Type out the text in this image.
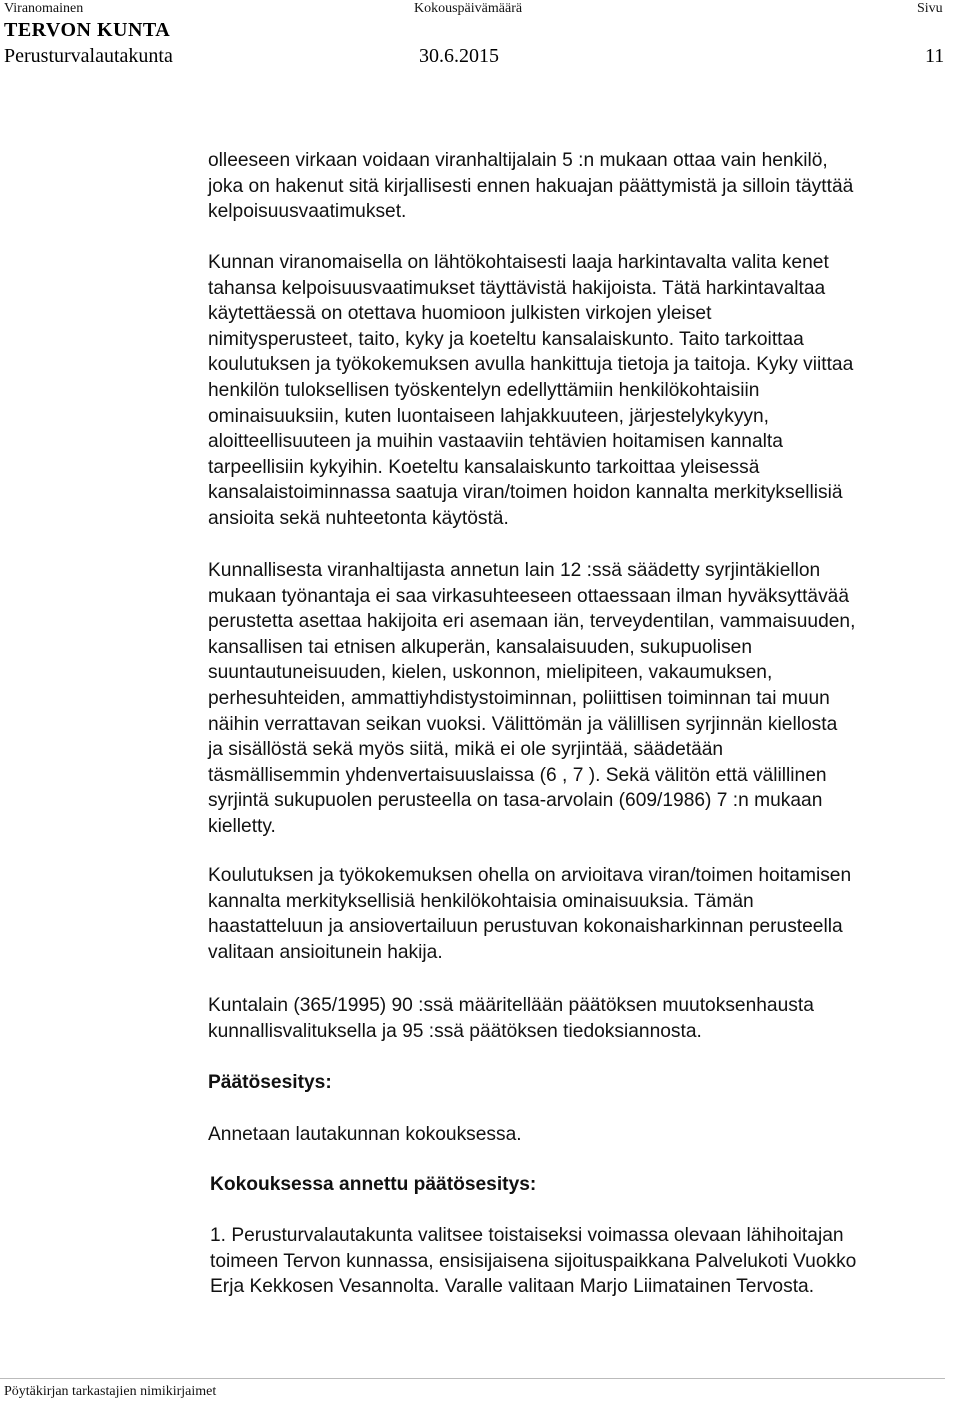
Viranomainen	Kokouspäivämäärä	Sivu
TERVON KUNTA
Perusturvalautakunta	30.6.2015	11
olleeseen virkaan voidaan viranhaltijalain 5 :n mukaan ottaa vain henkilö,
joka on hakenut sitä kirjallisesti ennen hakuajan päättymistä ja silloin täyttää
kelpoisuusvaatimukset.
Kunnan viranomaisella on lähtökohtaisesti laaja harkintavalta valita kenet
tahansa kelpoisuusvaatimukset täyttävistä hakijoista. Tätä harkintavaltaa
käytettäessä on otettava huomioon julkisten virkojen yleiset
nimitysperusteet, taito, kyky ja koeteltu kansalaiskunto. Taito tarkoittaa
koulutuksen ja työkokemuksen avulla hankittuja tietoja ja taitoja. Kyky viittaa
henkilön tuloksellisen työskentelyn edellyttämiin henkilökohtaisiin
ominaisuuksiin, kuten luontaiseen lahjakkuuteen, järjestelykykyyn,
aloitteellisuuteen ja muihin vastaaviin tehtävien hoitamisen kannalta
tarpeellisiin kykyihin. Koeteltu kansalaiskunto tarkoittaa yleisessä
kansalaistoiminnassa saatuja viran/toimen hoidon kannalta merkityksellisiä
ansioita sekä nuhteetonta käytöstä.
Kunnallisesta viranhaltijasta annetun lain 12 :ssä säädetty syrjintäkiellon
mukaan työnantaja ei saa virkasuhteeseen ottaessaan ilman hyväksyttävää
perustetta asettaa hakijoita eri asemaan iän, terveydentilan, vammaisuuden,
kansallisen tai etnisen alkuperän, kansalaisuuden, sukupuolisen
suuntautuneisuuden, kielen, uskonnon, mielipiteen, vakaumuksen,
perhesuhteiden, ammattiyhdistystoiminnan, poliittisen toiminnan tai muun
näihin verrattavan seikan vuoksi. Välittömän ja välillisen syrjinnän kiellosta
ja sisällöstä sekä myös siitä, mikä ei ole syrjintää, säädetään
täsmällisemmin yhdenvertaisuuslaissa (6 , 7 ). Sekä välitön että välillinen
syrjintä sukupuolen perusteella on tasa-arvolain (609/1986) 7 :n mukaan
kielletty.
Koulutuksen ja työkokemuksen ohella on arvioitava viran/toimen hoitamisen
kannalta merkityksellisiä henkilökohtaisia ominaisuuksia. Tämän
haastatteluun ja ansiovertailuun perustuvan kokonaisharkinnan perusteella
valitaan ansioitunein hakija.
Kuntalain (365/1995) 90 :ssä määritellään päätöksen muutoksenhausta
kunnallisvalituksella ja 95 :ssä päätöksen tiedoksiannosta.
Päätösesitys:
Annetaan lautakunnan kokouksessa.
Kokouksessa annettu päätösesitys:
1. Perusturvalautakunta valitsee toistaiseksi voimassa olevaan lähihoitajan
toimeen Tervon kunnassa, ensisijaisena sijoituspaikkana Palvelukoti Vuokko
Erja Kekkosen Vesannolta. Varalle valitaan Marjo Liimatainen Tervosta.
Pöytäkirjan tarkastajien nimikirjaimet
